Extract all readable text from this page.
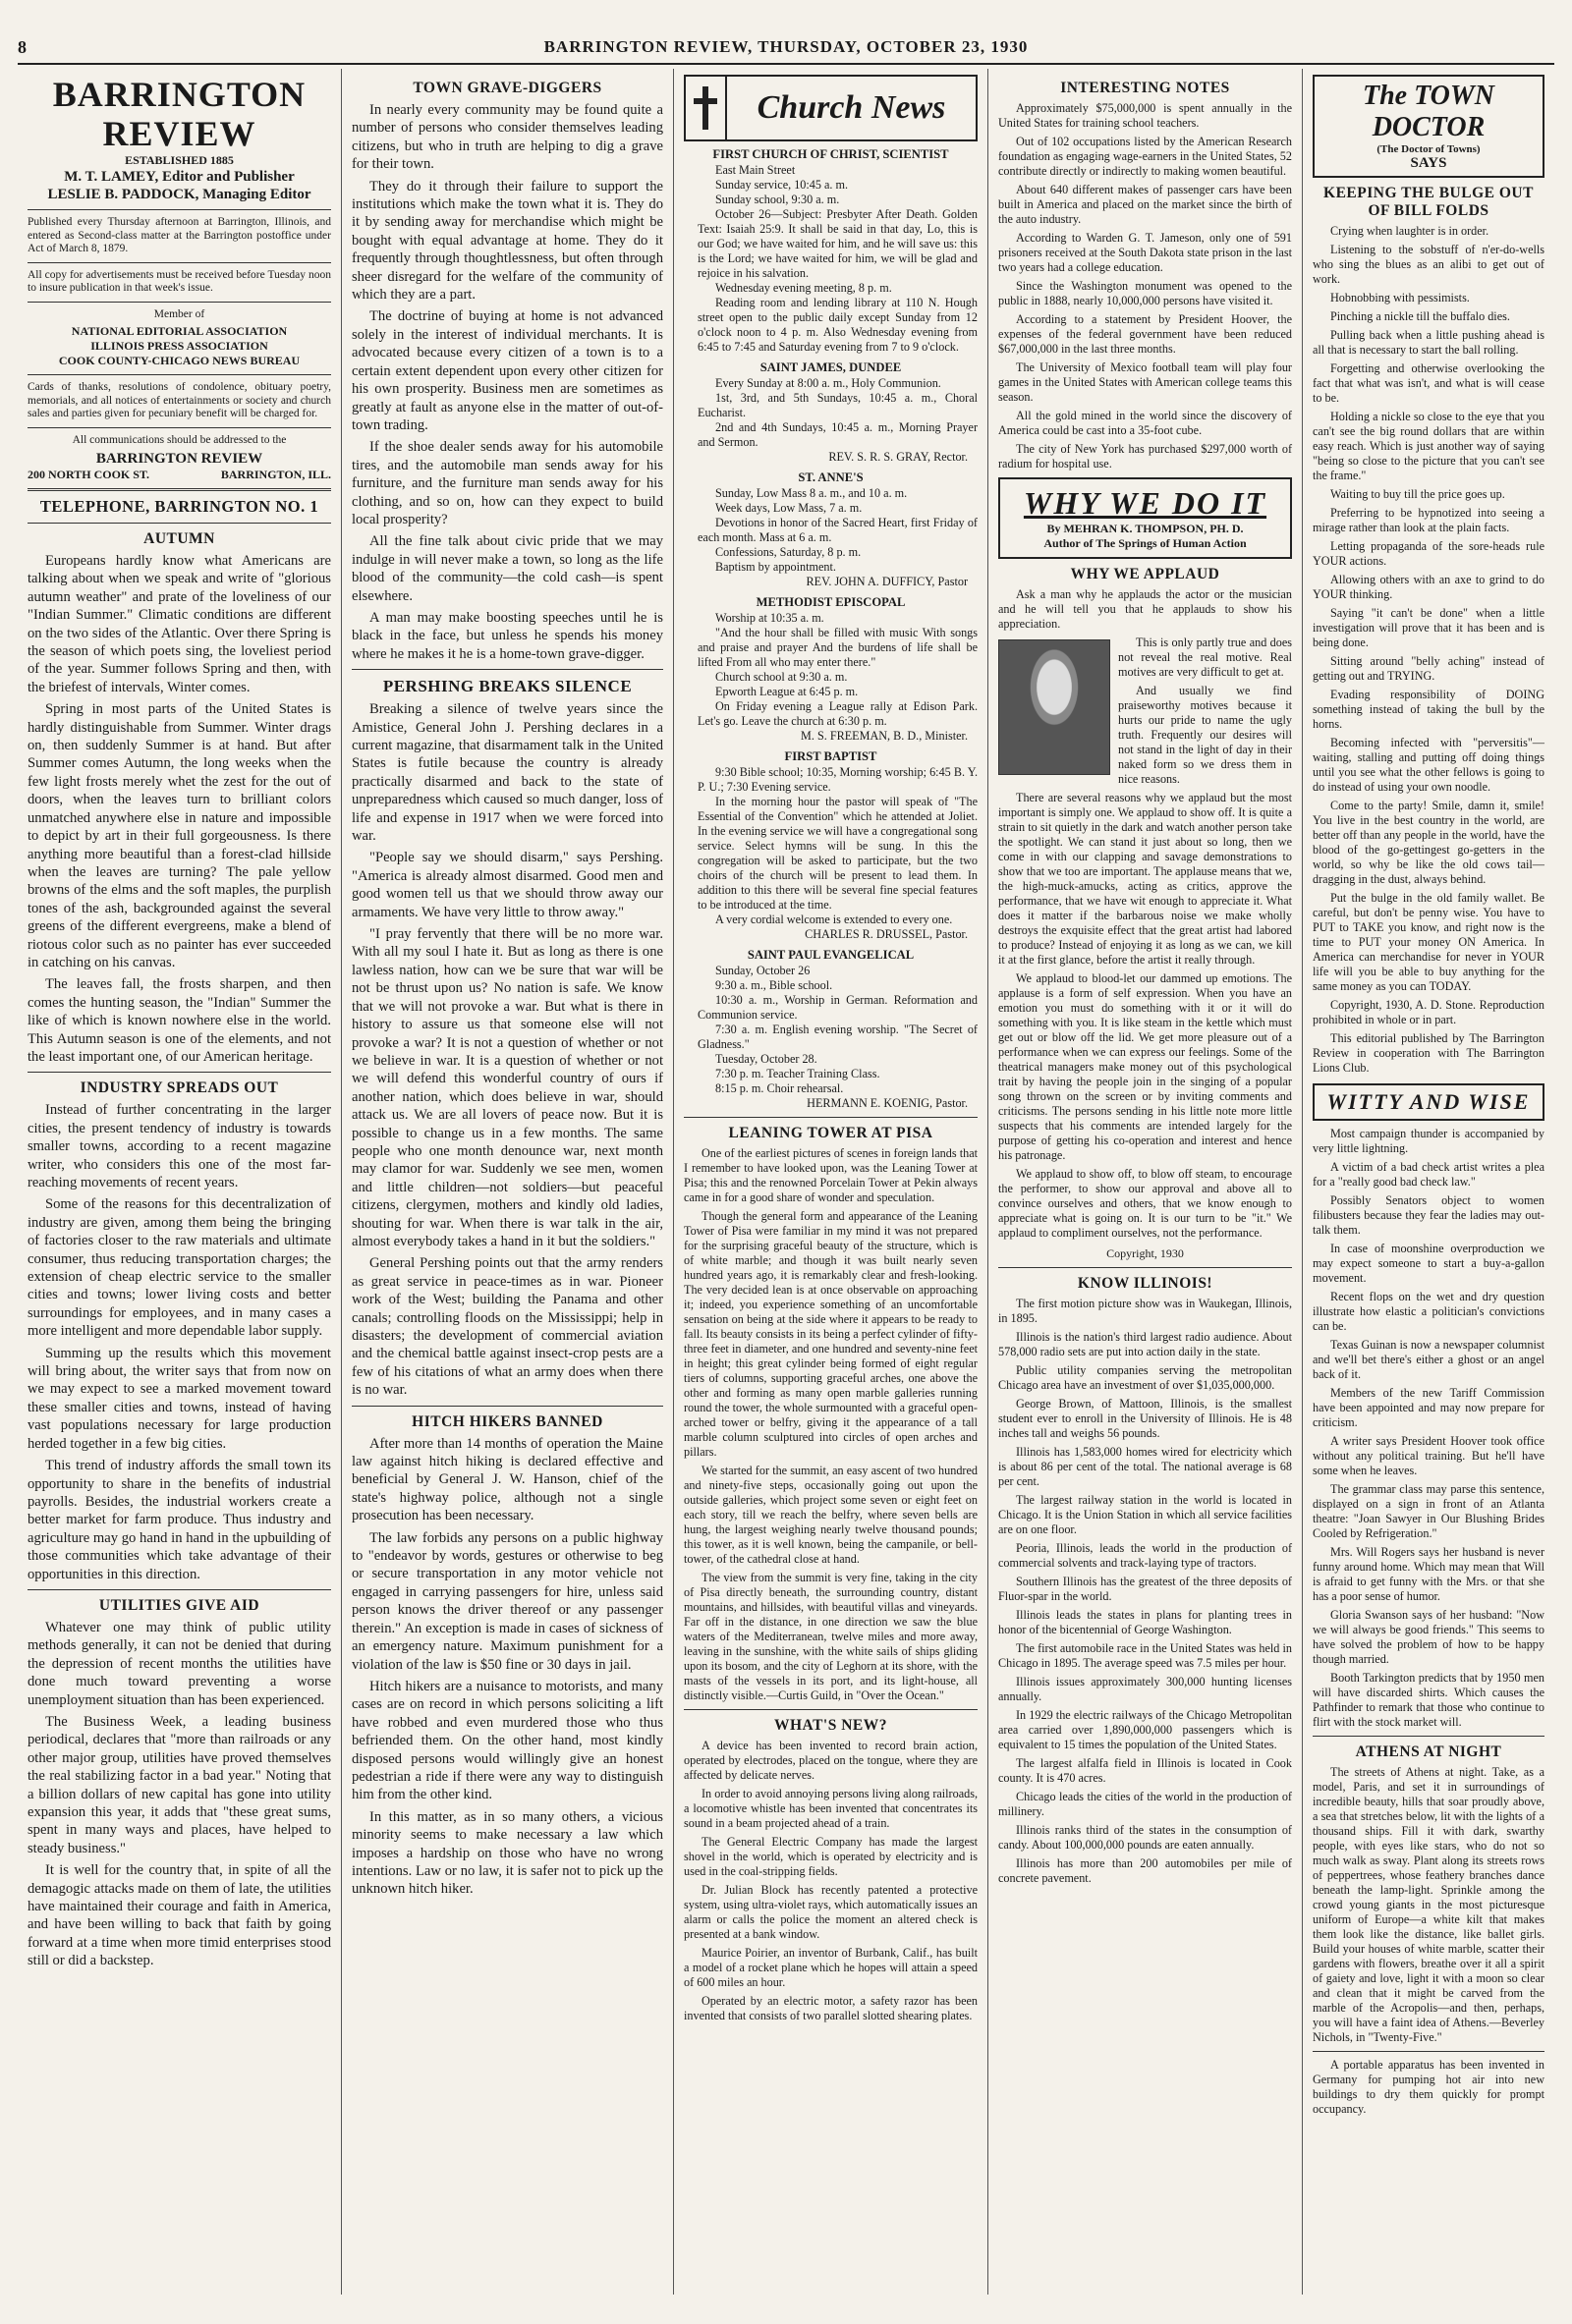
8	BARRINGTON REVIEW, THURSDAY, OCTOBER 23, 1930
BARRINGTON REVIEW
ESTABLISHED 1885
M. T. LAMEY, Editor and Publisher
LESLIE B. PADDOCK, Managing Editor
Published every Thursday afternoon at Barrington, Illinois, and entered as Second-class matter at the Barrington postoffice under Act of March 8, 1879.
All copy for advertisements must be received before Tuesday noon to insure publication in that week's issue.
Member of
NATIONAL EDITORIAL ASSOCIATION
ILLINOIS PRESS ASSOCIATION
COOK COUNTY-CHICAGO NEWS BUREAU
Cards of thanks, resolutions of condolence, obituary poetry, memorials, and all notices of entertainments or society and church sales and parties given for pecuniary benefit will be charged for.
All communications should be addressed to the
BARRINGTON REVIEW
200 NORTH COOK ST.	BARRINGTON, ILL.
TELEPHONE, BARRINGTON NO. 1
AUTUMN

Europeans hardly know what Americans are talking about when we speak and write of "glorious autumn weather" and prate of the loveliness of our "Indian Summer." Climatic conditions are different on the two sides of the Atlantic. Over there Spring is the season of which poets sing, the loveliest period of the year. Summer follows Spring and then, with the briefest of intervals, Winter comes.

Spring in most parts of the United States is hardly distinguishable from Summer. Winter drags on, then suddenly Summer is at hand. But after Summer comes Autumn, the long weeks when the few light frosts merely whet the zest for the out of doors, when the leaves turn to brilliant colors unmatched anywhere else in nature and impossible to depict by art in their full gorgeousness. Is there anything more beautiful than a forest-clad hillside when the leaves are turning? The pale yellow browns of the elms and the soft maples, the purplish tones of the ash, backgrounded against the several greens of the different evergreens, make a blend of riotous color such as no painter has ever succeeded in catching on his canvas.

The leaves fall, the frosts sharpen, and then comes the hunting season, the "Indian" Summer the like of which is known nowhere else in the world. This Autumn season is one of the elements, and not the least important one, of our American heritage.

INDUSTRY SPREADS OUT

Instead of further concentrating in the larger cities, the present tendency of industry is towards smaller towns, according to a recent magazine writer, who considers this one of the most far-reaching movements of recent years.

Some of the reasons for this decentralization of industry are given, among them being the bringing of factories closer to the raw materials and ultimate consumer, thus reducing transportation charges; the extension of cheap electric service to the smaller cities and towns; lower living costs and better surroundings for employees, and in many cases a more intelligent and more dependable labor supply.

Summing up the results which this movement will bring about, the writer says that from now on we may expect to see a marked movement toward these smaller cities and towns, instead of having vast populations necessary for large production herded together in a few big cities.

This trend of industry affords the small town its opportunity to share in the benefits of industrial payrolls. Besides, the industrial workers create a better market for farm produce. Thus industry and agriculture may go hand in hand in the upbuilding of those communities which take advantage of their opportunities in this direction.

UTILITIES GIVE AID

Whatever one may think of public utility methods generally, it can not be denied that during the depression of recent months the utilities have done much toward preventing a worse unemployment situation than has been experienced.

The Business Week, a leading business periodical, declares that "more than railroads or any other major group, utilities have proved themselves the real stabilizing factor in a bad year." Noting that a billion dollars of new capital has gone into utility expansion this year, it adds that "these great sums, spent in many ways and places, have helped to steady business."

It is well for the country that, in spite of all the demagogic attacks made on them of late, the utilities have maintained their courage and faith in America, and have been willing to back that faith by going forward at a time when more timid enterprises stood still or did a backstep.

TOWN GRAVE-DIGGERS

In nearly every community may be found quite a number of persons who consider themselves leading citizens, but who in truth are helping to dig a grave for their town.

They do it through their failure to support the institutions which make the town what it is. They do it by sending away for merchandise which might be bought with equal advantage at home. They do it frequently through thoughtlessness, but often through sheer disregard for the welfare of the community of which they are a part.

The doctrine of buying at home is not advanced solely in the interest of individual merchants. It is advocated because every citizen of a town is to a certain extent dependent upon every other citizen for his own prosperity. Business men are sometimes as greatly at fault as anyone else in the matter of out-of-town trading.

If the shoe dealer sends away for his automobile tires, and the automobile man sends away for his furniture, and the furniture man sends away for his clothing, and so on, how can they expect to build local prosperity?

All the fine talk about civic pride that we may indulge in will never make a town, so long as the life blood of the community—the cold cash—is spent elsewhere.

A man may make boosting speeches until he is black in the face, but unless he spends his money where he makes it he is a home-town grave-digger.

PERSHING BREAKS SILENCE

Breaking a silence of twelve years since the Amistice, General John J. Pershing declares in a current magazine, that disarmament talk in the United States is futile because the country is already practically disarmed and back to the state of unpreparedness which caused so much danger, loss of life and expense in 1917 when we were forced into war.

"People say we should disarm," says Pershing. "America is already almost disarmed. Good men and good women tell us that we should throw away our armaments. We have very little to throw away."

"I pray fervently that there will be no more war. With all my soul I hate it. But as long as there is one lawless nation, how can we be sure that war will be not be thrust upon us? No nation is safe. We know that we will not provoke a war. But what is there in history to assure us that someone else will not provoke a war? It is not a question of whether or not we believe in war. It is a question of whether or not we will defend this wonderful country of ours if another nation, which does believe in war, should attack us. We are all lovers of peace now. But it is possible to change us in a few months. The same people who one month denounce war, next month may clamor for war. Suddenly we see men, women and little children—not soldiers—but peaceful citizens, clergymen, mothers and kindly old ladies, shouting for war. When there is war talk in the air, almost everybody takes a hand in it but the soldiers."

General Pershing points out that the army renders as great service in peace-times as in war. Pioneer work of the West; building the Panama and other canals; controlling floods on the Mississippi; help in disasters; the development of commercial aviation and the chemical battle against insect-crop pests are a few of his citations of what an army does when there is no war.

HITCH HIKERS BANNED

After more than 14 months of operation the Maine law against hitch hiking is declared effective and beneficial by General J. W. Hanson, chief of the state's highway police, although not a single prosecution has been necessary.

The law forbids any persons on a public highway to "endeavor by words, gestures or otherwise to beg or secure transportation in any motor vehicle not engaged in carrying passengers for hire, unless said person knows the driver thereof or any passenger therein." An exception is made in cases of sickness of an emergency nature. Maximum punishment for a violation of the law is $50 fine or 30 days in jail.

Hitch hikers are a nuisance to motorists, and many cases are on record in which persons soliciting a lift have robbed and even murdered those who thus befriended them. On the other hand, most kindly disposed persons would willingly give an honest pedestrian a ride if there were any way to distinguish him from the other kind.

In this matter, as in so many others, a vicious minority seems to make necessary a law which imposes a hardship on those who have no wrong intentions. Law or no law, it is safer not to pick up the unknown hitch hiker.

Church News
FIRST CHURCH OF CHRIST, SCIENTIST

East Main Street

Sunday service, 10:45 a. m.

Sunday school, 9:30 a. m.

October 26—Subject: Presbyter After Death. Golden Text: Isaiah 25:9. It shall be said in that day, Lo, this is our God; we have waited for him, and he will save us: this is the Lord; we have waited for him, we will be glad and rejoice in his salvation.

Wednesday evening meeting, 8 p. m.

Reading room and lending library at 110 N. Hough street open to the public daily except Sunday from 12 o'clock noon to 4 p. m. Also Wednesday evening from 6:45 to 7:45 and Saturday evening from 7 to 9 o'clock.

SAINT JAMES, DUNDEE

Every Sunday at 8:00 a. m., Holy Communion.

1st, 3rd, and 5th Sundays, 10:45 a. m., Choral Eucharist.

2nd and 4th Sundays, 10:45 a. m., Morning Prayer and Sermon.

REV. S. R. S. GRAY, Rector.
ST. ANNE'S

Sunday, Low Mass 8 a. m., and 10 a. m.

Week days, Low Mass, 7 a. m.

Devotions in honor of the Sacred Heart, first Friday of each month. Mass at 6 a. m.

Confessions, Saturday, 8 p. m.

Baptism by appointment.

REV. JOHN A. DUFFICY, Pastor
METHODIST EPISCOPAL

Worship at 10:35 a. m.

"And the hour shall be filled with music With songs and praise and prayer And the burdens of life shall be lifted From all who may enter there."

Church school at 9:30 a. m.

Epworth League at 6:45 p. m.

On Friday evening a League rally at Edison Park. Let's go. Leave the church at 6:30 p. m.

M. S. FREEMAN, B. D., Minister.
FIRST BAPTIST

9:30 Bible school; 10:35, Morning worship; 6:45 B. Y. P. U.; 7:30 Evening service.

In the morning hour the pastor will speak of "The Essential of the Convention" which he attended at Joliet. In the evening service we will have a congregational song service. Select hymns will be sung. In this the congregation will be asked to participate, but the two choirs of the church will be present to lead them. In addition to this there will be several fine special features to be introduced at the time.

A very cordial welcome is extended to every one.

CHARLES R. DRUSSEL, Pastor.
SAINT PAUL EVANGELICAL

Sunday, October 26

9:30 a. m., Bible school.

10:30 a. m., Worship in German. Reformation and Communion service.

7:30 a. m. English evening worship. "The Secret of Gladness."

Tuesday, October 28.

7:30 p. m. Teacher Training Class.

8:15 p. m. Choir rehearsal.

HERMANN E. KOENIG, Pastor.
LEANING TOWER AT PISA

One of the earliest pictures of scenes in foreign lands that I remember to have looked upon, was the Leaning Tower at Pisa; this and the renowned Porcelain Tower at Pekin always came in for a good share of wonder and speculation.

Though the general form and appearance of the Leaning Tower of Pisa were familiar in my mind it was not prepared for the surprising graceful beauty of the structure, which is of white marble; and though it was built nearly seven hundred years ago, it is remarkably clear and fresh-looking. The very decided lean is at once observable on approaching it; indeed, you experience something of an uncomfortable sensation on being at the side where it appears to be ready to fall. Its beauty consists in its being a perfect cylinder of fifty-three feet in diameter, and one hundred and seventy-nine feet in height; this great cylinder being formed of eight regular tiers of columns, supporting graceful arches, one above the other and forming as many open marble galleries running round the tower, the whole surmounted with a graceful open-arched tower or belfry, giving it the appearance of a tall marble column sculptured into circles of open arches and pillars.

We started for the summit, an easy ascent of two hundred and ninety-five steps, occasionally going out upon the outside galleries, which project some seven or eight feet on each story, till we reach the belfry, where seven bells are hung, the largest weighing nearly twelve thousand pounds; this tower, as it is well known, being the campanile, or bell-tower, of the cathedral close at hand.

The view from the summit is very fine, taking in the city of Pisa directly beneath, the surrounding country, distant mountains, and hillsides, with beautiful villas and vineyards. Far off in the distance, in one direction we saw the blue waters of the Mediterranean, twelve miles and more away, leaving in the sunshine, with the white sails of ships gliding upon its bosom, and the city of Leghorn at its shore, with the masts of the vessels in its port, and its light-house, all distinctly visible.—Curtis Guild, in "Over the Ocean."

WHAT'S NEW?

A device has been invented to record brain action, operated by electrodes, placed on the tongue, where they are affected by delicate nerves.

In order to avoid annoying persons living along railroads, a locomotive whistle has been invented that concentrates its sound in a beam projected ahead of a train.

The General Electric Company has made the largest shovel in the world, which is operated by electricity and is used in the coal-stripping fields.

Dr. Julian Block has recently patented a protective system, using ultra-violet rays, which automatically issues an alarm or calls the police the moment an altered check is presented at a bank window.

Maurice Poirier, an inventor of Burbank, Calif., has built a model of a rocket plane which he hopes will attain a speed of 600 miles an hour.

Operated by an electric motor, a safety razor has been invented that consists of two parallel slotted shearing plates.

INTERESTING NOTES

Approximately $75,000,000 is spent annually in the United States for training school teachers.

Out of 102 occupations listed by the American Research foundation as engaging wage-earners in the United States, 52 contribute directly or indirectly to making women beautiful.

About 640 different makes of passenger cars have been built in America and placed on the market since the birth of the auto industry.

According to Warden G. T. Jameson, only one of 591 prisoners received at the South Dakota state prison in the last two years had a college education.

Since the Washington monument was opened to the public in 1888, nearly 10,000,000 persons have visited it.

According to a statement by President Hoover, the expenses of the federal government have been reduced $67,000,000 in the last three months.

The University of Mexico football team will play four games in the United States with American college teams this season.

All the gold mined in the world since the discovery of America could be cast into a 35-foot cube.

The city of New York has purchased $297,000 worth of radium for hospital use.

WHY WE DO IT
By MEHRAN K. THOMPSON, PH. D.
Author of The Springs of Human Action
WHY WE APPLAUD

Ask a man why he applauds the actor or the musician and he will tell you that he applauds to show his appreciation.

This is only partly true and does not reveal the real motive. Real motives are very difficult to get at.

And usually we find praiseworthy motives because it hurts our pride to name the ugly truth. Frequently our desires will not stand in the light of day in their naked form so we dress them in nice reasons.

There are several reasons why we applaud but the most important is simply one. We applaud to show off. It is quite a strain to sit quietly in the dark and watch another person take the spotlight. We can stand it just about so long, then we come in with our clapping and savage demonstrations to show that we too are important. The applause means that we, the high-muck-amucks, acting as critics, approve the performance, that we have wit enough to appreciate it. What does it matter if the barbarous noise we make wholly destroys the exquisite effect that the great artist had labored to produce? Instead of enjoying it as long as we can, we kill it at the first glance, before the artist it really through.

We applaud to blood-let our dammed up emotions. The applause is a form of self expression. When you have an emotion you must do something with it or it will do something with you. It is like steam in the kettle which must get out or blow off the lid. We get more pleasure out of a performance when we can express our feelings. Some of the theatrical managers make money out of this psychological trait by having the people join in the singing of a popular song thrown on the screen or by inviting comments and criticisms. The persons sending in his little note more little suspects that his comments are intended largely for the purpose of getting his co-operation and interest and hence his patronage.

We applaud to show off, to blow off steam, to encourage the performer, to show our approval and above all to convince ourselves and others, that we know enough to appreciate what is going on. It is our turn to be "it." We applaud to compliment ourselves, not the performance.

Copyright, 1930
KNOW ILLINOIS!

The first motion picture show was in Waukegan, Illinois, in 1895.

Illinois is the nation's third largest radio audience. About 578,000 radio sets are put into action daily in the state.

Public utility companies serving the metropolitan Chicago area have an investment of over $1,035,000,000.

George Brown, of Mattoon, Illinois, is the smallest student ever to enroll in the University of Illinois. He is 48 inches tall and weighs 56 pounds.

Illinois has 1,583,000 homes wired for electricity which is about 86 per cent of the total. The national average is 68 per cent.

The largest railway station in the world is located in Chicago. It is the Union Station in which all service facilities are on one floor.

Peoria, Illinois, leads the world in the production of commercial solvents and track-laying type of tractors.

Southern Illinois has the greatest of the three deposits of Fluor-spar in the world.

Illinois leads the states in plans for planting trees in honor of the bicentennial of George Washington.

The first automobile race in the United States was held in Chicago in 1895. The average speed was 7.5 miles per hour.

Illinois issues approximately 300,000 hunting licenses annually.

In 1929 the electric railways of the Chicago Metropolitan area carried over 1,890,000,000 passengers which is equivalent to 15 times the population of the United States.

The largest alfalfa field in Illinois is located in Cook county. It is 470 acres.

Chicago leads the cities of the world in the production of millinery.

Illinois ranks third of the states in the consumption of candy. About 100,000,000 pounds are eaten annually.

Illinois has more than 200 automobiles per mile of concrete pavement.

The TOWN DOCTOR
(The Doctor of Towns)
SAYS
KEEPING THE BULGE OUT OF BILL FOLDS

Crying when laughter is in order.

Listening to the sobstuff of n'er-do-wells who sing the blues as an alibi to get out of work.

Hobnobbing with pessimists.

Pinching a nickle till the buffalo dies.

Pulling back when a little pushing ahead is all that is necessary to start the ball rolling.

Forgetting and otherwise overlooking the fact that what was isn't, and what is will cease to be.

Holding a nickle so close to the eye that you can't see the big round dollars that are within easy reach. Which is just another way of saying "being so close to the picture that you can't see the frame."

Waiting to buy till the price goes up.

Preferring to be hypnotized into seeing a mirage rather than look at the plain facts.

Letting propaganda of the sore-heads rule YOUR actions.

Allowing others with an axe to grind to do YOUR thinking.

Saying "it can't be done" when a little investigation will prove that it has been and is being done.

Sitting around "belly aching" instead of getting out and TRYING.

Evading responsibility of DOING something instead of taking the bull by the horns.

Becoming infected with "perversitis"—waiting, stalling and putting off doing things until you see what the other fellows is going to do instead of using your own noodle.

Come to the party! Smile, damn it, smile! You live in the best country in the world, are better off than any people in the world, have the blood of the go-gettingest go-getters in the world, so why be like the old cows tail—dragging in the dust, always behind.

Put the bulge in the old family wallet. Be careful, but don't be penny wise. You have to PUT to TAKE you know, and right now is the time to PUT your money ON America. In America can merchandise for never in YOUR life will you be able to buy anything for the same money as you can TODAY.

Copyright, 1930, A. D. Stone. Reproduction prohibited in whole or in part.

This editorial published by The Barrington Review in cooperation with The Barrington Lions Club.

WITTY AND WISE

Most campaign thunder is accompanied by very little lightning.

A victim of a bad check artist writes a plea for a "really good bad check law."

Possibly Senators object to women filibusters because they fear the ladies may out-talk them.

In case of moonshine overproduction we may expect someone to start a buy-a-gallon movement.

Recent flops on the wet and dry question illustrate how elastic a politician's convictions can be.

Texas Guinan is now a newspaper columnist and we'll bet there's either a ghost or an angel back of it.

Members of the new Tariff Commission have been appointed and may now prepare for criticism.

A writer says President Hoover took office without any political training. But he'll have some when he leaves.

The grammar class may parse this sentence, displayed on a sign in front of an Atlanta theatre: "Joan Sawyer in Our Blushing Brides Cooled by Refrigeration."

Mrs. Will Rogers says her husband is never funny around home. Which may mean that Will is afraid to get funny with the Mrs. or that she has a poor sense of humor.

Gloria Swanson says of her husband: "Now we will always be good friends." This seems to have solved the problem of how to be happy though married.

Booth Tarkington predicts that by 1950 men will have discarded shirts. Which causes the Pathfinder to remark that those who continue to flirt with the stock market will.

ATHENS AT NIGHT

The streets of Athens at night. Take, as a model, Paris, and set it in surroundings of incredible beauty, hills that soar proudly above, a sea that stretches below, lit with the lights of a thousand ships. Fill it with dark, swarthy people, with eyes like stars, who do not so much walk as sway. Plant along its streets rows of peppertrees, whose feathery branches dance beneath the lamp-light. Sprinkle among the crowd young giants in the most picturesque uniform of Europe—a white kilt that makes them look like the distance, like ballet girls. Build your houses of white marble, scatter their gardens with flowers, breathe over it all a spirit of gaiety and love, light it with a moon so clear and clean that it might be carved from the marble of the Acropolis—and then, perhaps, you will have a faint idea of Athens.—Beverley Nichols, in "Twenty-Five."

A portable apparatus has been invented in Germany for pumping hot air into new buildings to dry them quickly for prompt occupancy.
